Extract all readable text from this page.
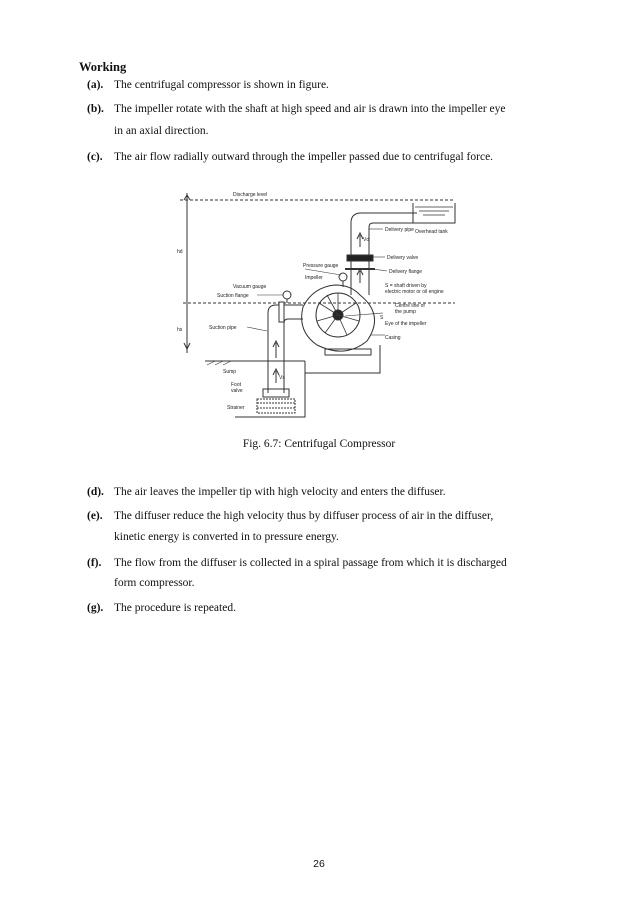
Working
(a). The centrifugal compressor is shown in figure.
(b). The impeller rotate with the shaft at high speed and air is drawn into the impeller eye
in an axial direction.
(c). The air flow radially outward through the impeller passed due to centrifugal force.
Discharge level
Overhead tank
Delivery pipe
Delivery valve
Delivery flange
Pressure gauge
Impeller
Vacuum gauge
Suction flange
S = shaft driven by
electric motor or oil engine
Centre line of
the pump
Eye of the impeller
Casing
Suction pipe
Sump
Foot
valve
Strainer
S
hd
hs
Vd
Vs
Fig. 6.7: Centrifugal Compressor
(d). The air leaves the impeller tip with high velocity and enters the diffuser.
(e). The diffuser reduce the high velocity thus by diffuser process of air in the diffuser,
kinetic energy is converted in to pressure energy.
(f). The flow from the diffuser is collected in a spiral passage from which it is discharged
form compressor.
(g). The procedure is repeated.
26
